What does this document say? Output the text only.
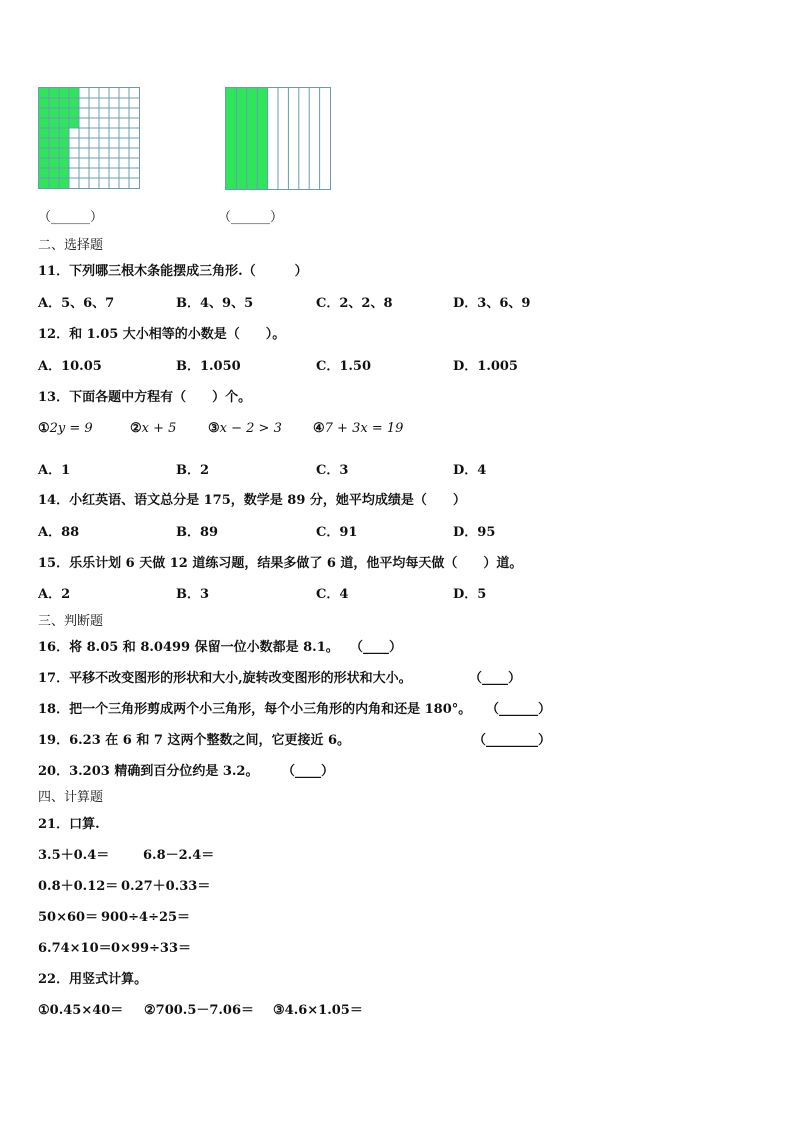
（______）	（______）
二、选择题
11．下列哪三根木条能摆成三角形.（　　　）
A．5、6、7	B．4、9、5	C．2、2、8	D．3、6、9
12．和 1.05 大小相等的小数是（　　）。
A．10.05	B．1.050	C．1.50	D．1.005
13．下面各题中方程有（　　）个。
①2y = 9	②x + 5 ③x − 2 > 3 ④7 + 3x = 19
A．1	B．2	C．3	D．4
14．小红英语、语文总分是 175，数学是 89 分，她平均成绩是（　　）
A．88	B．89	C．91	D．95
15．乐乐计划 6 天做 12 道练习题，结果多做了 6 道，他平均每天做（　　）道。
A．2	B．3	C．4	D．5
三、判断题
16．将 8.05 和 8.0499 保留一位小数都是 8.1。 （____）
17．平移不改变图形的形状和大小,旋转改变图形的形状和大小。	（____）
18．把一个三角形剪成两个小三角形，每个小三角形的内角和还是 180°。 （______）
19．6.23 在 6 和 7 这两个整数之间，它更接近 6。	（________）
20．3.203 精确到百分位约是 3.2。 （____）
四、计算题
21．口算.
3.5＋0.4＝	6.8－2.4＝
0.8＋0.12＝ 0.27＋0.33＝
50×60＝ 900÷4÷25＝
6.74×10＝ 0×99÷33＝
22．用竖式计算。
①0.45×40＝ ②700.5－7.06＝ ③4.6×1.05＝
